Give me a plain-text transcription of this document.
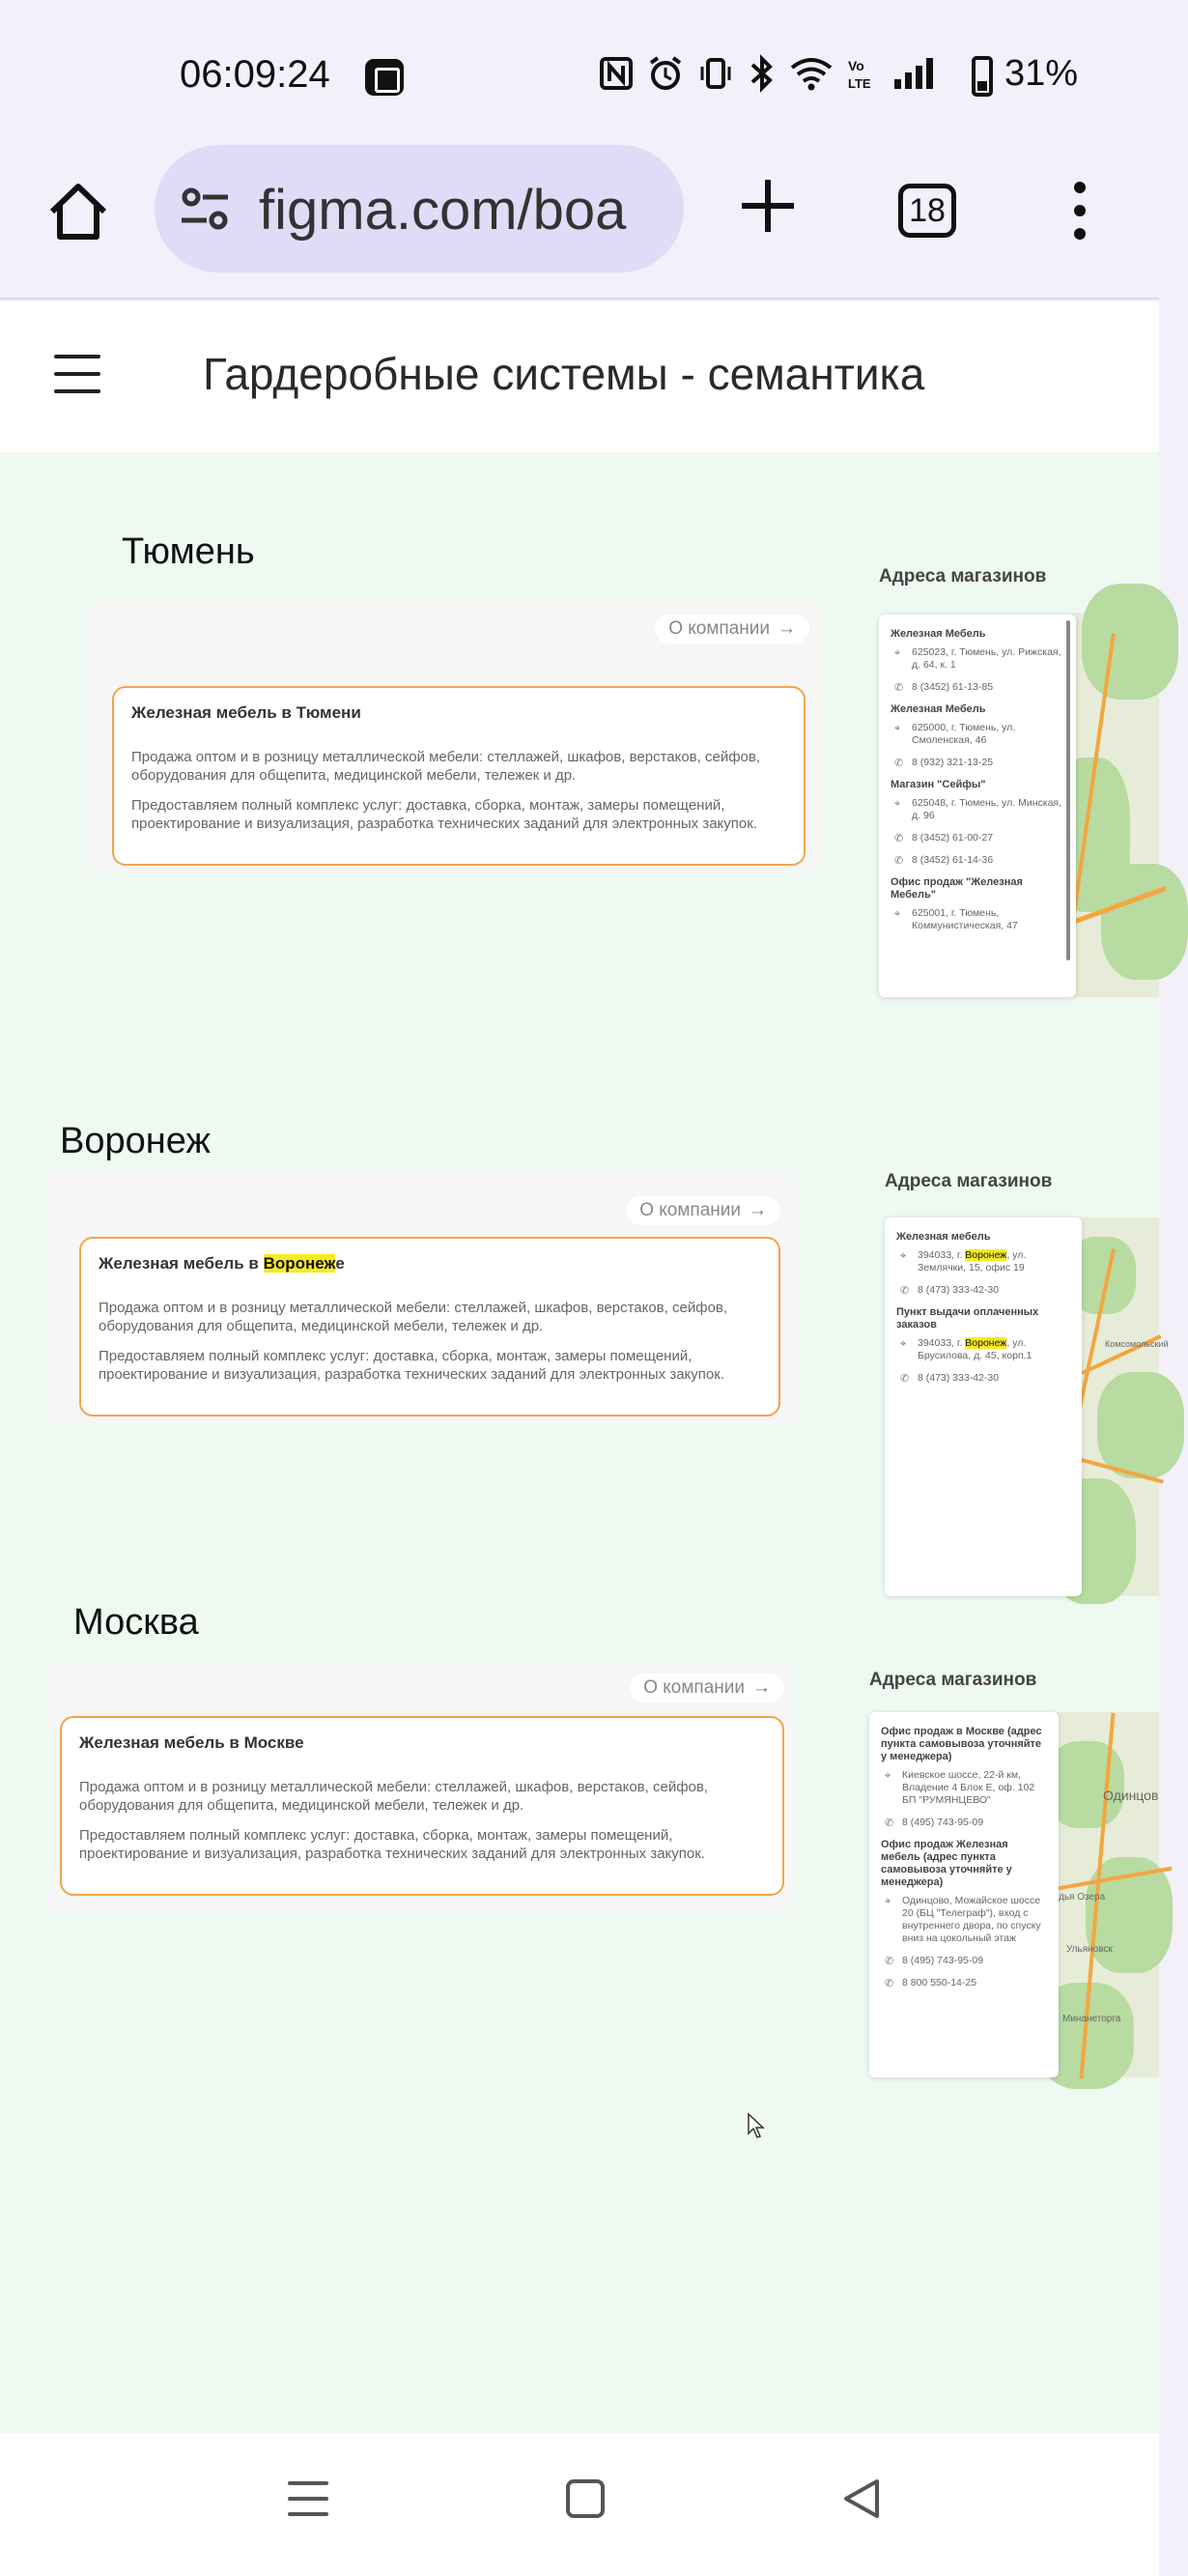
06:09:24	Vo
LTE	31%
figma.com/boa	18
Гардеробные системы - семантика
Тюмень
О компании →
Железная мебель в Тюмени
Продажа оптом и в розницу металлической мебели: стеллажей, шкафов, верстаков, сейфов, оборудования для общепита, медицинской мебели, тележек и др.
Предоставляем полный комплекс услуг: доставка, сборка, монтаж, замеры помещений, проектирование и визуализация, разработка технических заданий для электронных закупок.
Адреса магазинов
Железная Мебель
⌖ 625023, г. Тюмень, ул. Рижская, д. 64, к. 1
✆ 8 (3452) 61-13-85
Железная Мебель
⌖ 625000, г. Тюмень, ул. Смоленская, 46
✆ 8 (932) 321-13-25
Магазин "Сейфы"
⌖ 625048, г. Тюмень, ул. Минская, д. 96
✆ 8 (3452) 61-00-27
✆ 8 (3452) 61-14-36
Офис продаж "Железная Мебель"
⌖ 625001, г. Тюмень, Коммунистическая, 47
Воронеж
О компании →
Железная мебель в Воронеже
Продажа оптом и в розницу металлической мебели: стеллажей, шкафов, верстаков, сейфов, оборудования для общепита, медицинской мебели, тележек и др.
Предоставляем полный комплекс услуг: доставка, сборка, монтаж, замеры помещений, проектирование и визуализация, разработка технических заданий для электронных закупок.
Адреса магазинов
Комсомольский
Железная мебель
⌖ 394033, г. Воронеж, ул. Землячки, 15, офис 19
✆ 8 (473) 333-42-30
Пункт выдачи оплаченных заказов
⌖ 394033, г. Воронеж, ул. Брусилова, д. 45, корп.1
✆ 8 (473) 333-42-30
Москва
О компании →
Железная мебель в Москве
Продажа оптом и в розницу металлической мебели: стеллажей, шкафов, верстаков, сейфов, оборудования для общепита, медицинской мебели, тележек и др.
Предоставляем полный комплекс услуг: доставка, сборка, монтаж, замеры помещений, проектирование и визуализация, разработка технических заданий для электронных закупок.
Адреса магазинов
Одинцов
дья Озера
Ульяновск
Минанеторга
Офис продаж в Москве (адрес пункта самовывоза уточняйте у менеджера)
⌖ Киевское шоссе, 22-й км, Владение 4 Блок Е, оф. 102 БП "РУМЯНЦЕВО"
✆ 8 (495) 743-95-09
Офис продаж Железная мебель (адрес пункта самовывоза уточняйте у менеджера)
⌖ Одинцово, Можайское шоссе 20 (БЦ "Телеграф"), вход с внутреннего двора, по спуску вниз на цокольный этаж
✆ 8 (495) 743-95-09
✆ 8 800 550-14-25
